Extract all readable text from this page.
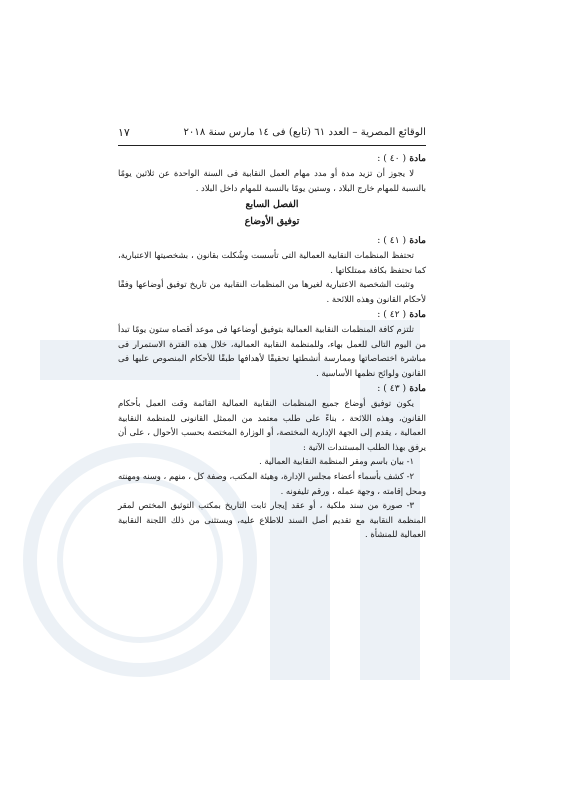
الوقائع المصرية – العدد ٦١ (تابع) فى ١٤ مارس سنة ٢٠١٨
١٧
مادة ( ٤٠ ) :

لا يجوز أن تزيد مدة أو مدد مهام العمل النقابية فى السنة الواحدة عن ثلاثين يومًا بالنسبة للمهام خارج البلاد ، وستين يومًا بالنسبة للمهام داخل البلاد .

الفصل السابع
توفيق الأوضاع
مادة ( ٤١ ) :

تحتفظ المنظمات النقابية العمالية التى تأسست وشُكلت بقانون ، بشخصيتها الاعتبارية، كما تحتفظ بكافة ممتلكاتها .

وتثبت الشخصية الاعتبارية لغيرها من المنظمات النقابية من تاريخ توفيق أوضاعها وفقًا لأحكام القانون وهذه اللائحة .

مادة ( ٤٢ ) :

تلتزم كافة المنظمات النقابية العمالية بتوفيق أوضاعها فى موعد أقصاه ستون يومًا تبدأ من اليوم التالى للعمل بهاء، وللمنظمة النقابية العمالية، خلال هذه الفترة الاستمرار فى مباشرة اختصاصاتها وممارسة أنشطتها تحقيقًا لأهدافها طبقًا للأحكام المنصوص عليها فى القانون ولوائح نظمها الأساسية .

مادة ( ٤٣ ) :

يكون توفيق أوضاع جميع المنظمات النقابية العمالية القائمة وقت العمل بأحكام القانون، وهذه اللائحة ، بناءً على طلب معتمد من الممثل القانونى للمنظمة النقابية العمالية ، يقدم إلى الجهة الإدارية المختصة، أو الوزارة المختصة بحسب الأحوال ، على أن يرفق بهذا الطلب المستندات الآتية :

١- بيان باسم ومقر المنظمة النقابية العمالية .

٢- كشف بأسماء أعضاء مجلس الإدارة، وهيئة المكتب، وصفة كل ، منهم ، وسنه ومهنته ومحل إقامته ، وجهة عمله ، ورقم تليفونه .

٣- صورة من سند ملكية ، أو عقد إيجار ثابت التاريخ بمكتب التوثيق المختص لمقر المنظمة النقابية مع تقديم أصل السند للاطلاع عليه، ويستثنى من ذلك اللجنة النقابية العمالية للمنشأة .
